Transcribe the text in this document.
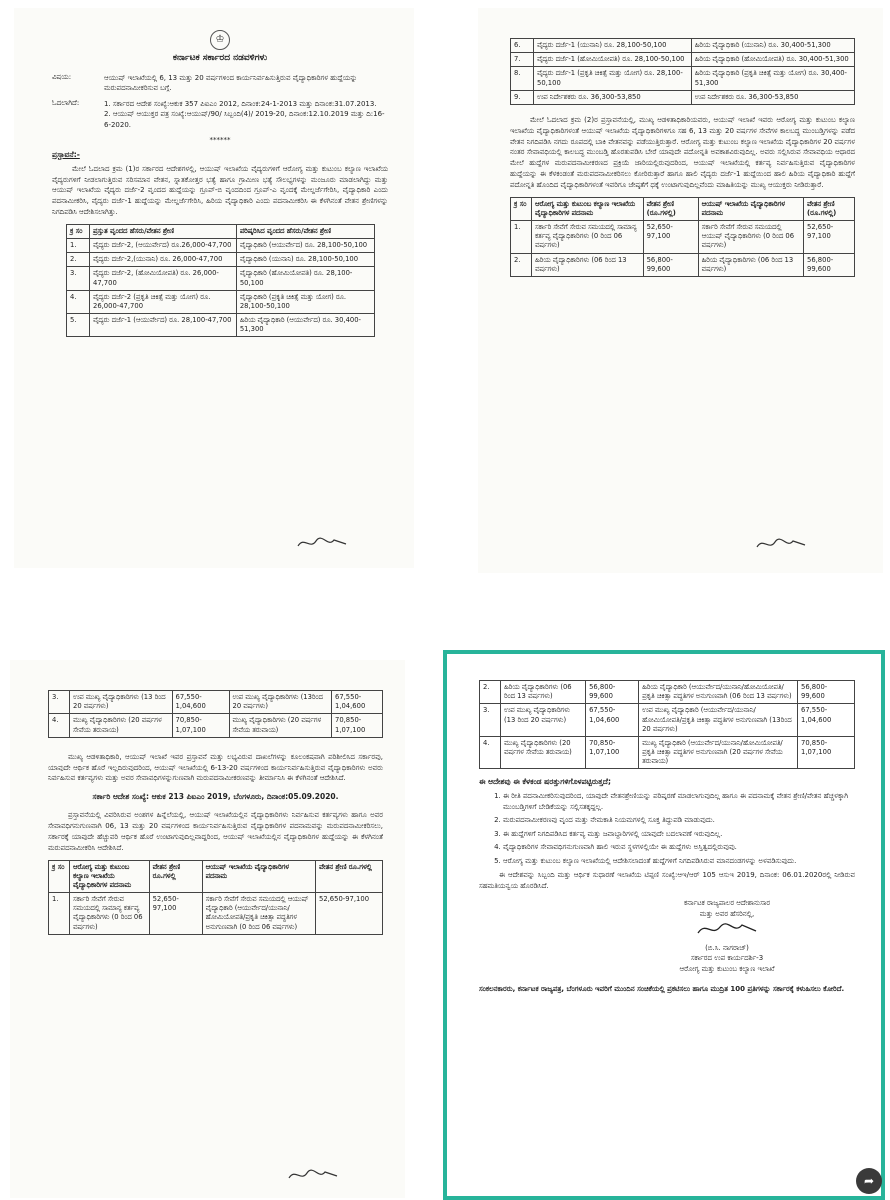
♔
ಕರ್ನಾಟಕ ಸರ್ಕಾರದ ನಡವಳಿಗಳು
ವಿಷಯ:	ಆಯುಷ್ ಇಲಾಖೆಯಲ್ಲಿ 6, 13 ಮತ್ತು 20 ವರ್ಷಗಳಿಂದ ಕಾರ್ಯನಿರ್ವಹಿಸುತ್ತಿರುವ ವೈದ್ಯಾಧಿಕಾರಿಗಳ ಹುದ್ದೆಯನ್ನು ಮರುಪದನಾಮೀಕರಿಸುವ ಬಗ್ಗೆ.
ಓದಲಾಗಿದೆ:	1. ಸರ್ಕಾರದ ಆದೇಶ ಸಂಖ್ಯೆ:ಆಕುಕ 357 ಪಿಐಎಂ 2012, ದಿನಾಂಕ:24-1-2013 ಮತ್ತು ದಿನಾಂಕ:31.07.2013.
2. ಆಯುಷ್ ಆಯುಕ್ತರ ಪತ್ರ ಸಂಖ್ಯೆ:ಆಯುಷ್/90/ ಸಿಬ್ಬಂದಿ(4)/ 2019-20, ದಿನಾಂಕ:12.10.2019 ಮತ್ತು ದಿ:16-6-2020.
******
ಪ್ರಸ್ತಾವನೆ:-
ಮೇಲೆ ಓದಲಾದ ಕ್ರಮ (1)ರ ಸರ್ಕಾರದ ಆದೇಶಗಳಲ್ಲಿ, ಆಯುಷ್ ಇಲಾಖೆಯ ವೈದ್ಯರುಗಳಿಗೆ ಆರೋಗ್ಯ ಮತ್ತು ಕುಟುಂಬ ಕಲ್ಯಾಣ ಇಲಾಖೆಯ ವೈದ್ಯರುಗಳಿಗೆ ನೀಡಲಾಗುತ್ತಿರುವ ಸರಿಸಮಾನ ವೇತನ, ಸ್ನಾತಕೋತ್ತರ ಭತ್ಯೆ ಹಾಗೂ ಗ್ರಾಮೀಣ ಭತ್ಯೆ ಸೌಲಭ್ಯಗಳನ್ನು ಮಂಜೂರು ಮಾಡಲಾಗಿದ್ದು ಮತ್ತು ಆಯುಷ್ ಇಲಾಖೆಯ ವೈದ್ಯರು ದರ್ಜೆ-2 ವೃಂದದ ಹುದ್ದೆಯನ್ನು ಗ್ರೂಪ್-ಬಿ ವೃಂದದಿಂದ ಗ್ರೂಪ್-ಎ ವೃಂದಕ್ಕೆ ಮೇಲ್ದರ್ಜೆಗೇರಿಸಿ, ವೈದ್ಯಾಧಿಕಾರಿ ಎಂದು ಪದನಾಮೀಕರಿಸಿ, ವೈದ್ಯರು ದರ್ಜೆ-1 ಹುದ್ದೆಯನ್ನು ಮೇಲ್ದರ್ಜೆಗೇರಿಸಿ, ಹಿರಿಯ ವೈದ್ಯಾಧಿಕಾರಿ ಎಂದು ಪದನಾಮೀಕರಿಸಿ ಈ ಕೆಳಗಿನಂತೆ ವೇತನ ಶ್ರೇಣಿಗಳನ್ನು ನಿಗದಿಪಡಿಸಿ ಆದೇಶಿಸಲಾಗಿತ್ತು.
ಕ್ರ ಸಂ	ಪ್ರಸ್ತುತ ವೃಂದದ ಹೆಸರು/ವೇತನ ಶ್ರೇಣಿ	ಪರಿಷ್ಕರಿಸಿದ ವೃಂದದ ಹೆಸರು/ವೇತನ ಶ್ರೇಣಿ
1.	ವೈದ್ಯರು ದರ್ಜೆ-2, (ಆಯುರ್ವೇದ) ರೂ.26,000-47,700	ವೈದ್ಯಾಧಿಕಾರಿ (ಆಯುರ್ವೇದ) ರೂ. 28,100-50,100
2.	ವೈದ್ಯರು ದರ್ಜೆ-2,(ಯುನಾನಿ) ರೂ. 26,000-47,700	ವೈದ್ಯಾಧಿಕಾರಿ (ಯುನಾನಿ) ರೂ. 28,100-50,100
3.	ವೈದ್ಯರು ದರ್ಜೆ-2, (ಹೋಮಿಯೋಪತಿ) ರೂ. 26,000-47,700	ವೈದ್ಯಾಧಿಕಾರಿ (ಹೋಮಿಯೋಪತಿ) ರೂ. 28,100-50,100
4.	ವೈದ್ಯರು ದರ್ಜೆ-2 (ಪ್ರಕೃತಿ ಚಿಕಿತ್ಸೆ ಮತ್ತು ಯೋಗ) ರೂ. 26,000-47,700	ವೈದ್ಯಾಧಿಕಾರಿ (ಪ್ರಕೃತಿ ಚಿಕಿತ್ಸೆ ಮತ್ತು ಯೋಗ) ರೂ. 28,100-50,100
5.	ವೈದ್ಯರು ದರ್ಜೆ-1 (ಆಯುರ್ವೇದ) ರೂ. 28,100-47,700	ಹಿರಿಯ ವೈದ್ಯಾಧಿಕಾರಿ (ಆಯುರ್ವೇದ) ರೂ. 30,400-51,300
6.	ವೈದ್ಯರು ದರ್ಜೆ-1 (ಯುನಾನಿ) ರೂ. 28,100-50,100	ಹಿರಿಯ ವೈದ್ಯಾಧಿಕಾರಿ (ಯುನಾನಿ) ರೂ. 30,400-51,300
7.	ವೈದ್ಯರು ದರ್ಜೆ-1 (ಹೋಮಿಯೋಪತಿ) ರೂ. 28,100-50,100	ಹಿರಿಯ ವೈದ್ಯಾಧಿಕಾರಿ (ಹೋಮಿಯೋಪತಿ) ರೂ. 30,400-51,300
8.	ವೈದ್ಯರು ದರ್ಜೆ-1 (ಪ್ರಕೃತಿ ಚಿಕಿತ್ಸೆ ಮತ್ತು ಯೋಗ) ರೂ. 28,100-50,100	ಹಿರಿಯ ವೈದ್ಯಾಧಿಕಾರಿ (ಪ್ರಕೃತಿ ಚಿಕಿತ್ಸೆ ಮತ್ತು ಯೋಗ) ರೂ. 30,400-51,300
9.	ಉಪ ನಿರ್ದೇಶಕರು ರೂ. 36,300-53,850	ಉಪ ನಿರ್ದೇಶಕರು ರೂ. 36,300-53,850
ಮೇಲೆ ಓದಲಾದ ಕ್ರಮ (2)ರ ಪ್ರಸ್ತಾವನೆಯಲ್ಲಿ, ಮುಖ್ಯ ಆಡಳಿತಾಧಿಕಾರಿಯವರು, ಆಯುಷ್ ಇಲಾಖೆ ಇವರು ಆರೋಗ್ಯ ಮತ್ತು ಕುಟುಂಬ ಕಲ್ಯಾಣ ಇಲಾಖೆಯ ವೈದ್ಯಾಧಿಕಾರಿಗಳಂತೆ ಆಯುಷ್ ಇಲಾಖೆಯ ವೈದ್ಯಾಧಿಕಾರಿಗಳಿಗೂ ಸಹ 6, 13 ಮತ್ತು 20 ವರ್ಷಗಳ ಸೇವೆಗಳ ಕಾಲಬದ್ಧ ಮುಂಬಡ್ತಿಗಳನ್ನು ಪಡೆದ ವೇತನ ನಿಗದಿಪಡಿಸಿ ನಗದು ರೂಪದಲ್ಲಿ ಬಾಕಿ ವೇತನವನ್ನು ಪಡೆಯುತ್ತಿರುತ್ತಾರೆ. ಆರೋಗ್ಯ ಮತ್ತು ಕುಟುಂಬ ಕಲ್ಯಾಣ ಇಲಾಖೆಯ ವೈದ್ಯಾಧಿಕಾರಿಗಳ 20 ವರ್ಷಗಳ ನಂತರ ಸೇವಾವಧಿಯಲ್ಲಿ ಕಾಲಬದ್ಧ ಮುಂಬಡ್ತಿ ಹೊರತುಪಡಿಸಿ ಬೇರೆ ಯಾವುದೇ ಪದೋನ್ನತಿ ಅವಕಾಶವಿರುವುದಿಲ್ಲ. ಅವರು ಸಲ್ಲಿಸಿರುವ ಸೇವಾವಧಿಯ ಆಧಾರದ ಮೇಲೆ ಹುದ್ದೆಗಳ ಮರುಪದನಾಮೀಕರಣದ ಪ್ರಕ್ರಿಯೆ ಜಾರಿಯಲ್ಲಿರುವುದರಿಂದ, ಆಯುಷ್ ಇಲಾಖೆಯಲ್ಲಿ ಕರ್ತವ್ಯ ನಿರ್ವಹಿಸುತ್ತಿರುವ ವೈದ್ಯಾಧಿಕಾರಿಗಳ ಹುದ್ದೆಯನ್ನು ಈ ಕೆಳಕಂಡಂತೆ ಮರುಪದನಾಮೀಕರಿಸಲು ಕೋರಿರುತ್ತಾರೆ ಹಾಗೂ ಹಾಲಿ ವೈದ್ಯರು ದರ್ಜೆ-1 ಹುದ್ದೆಯಿಂದ ಹಾಲಿ ಹಿರಿಯ ವೈದ್ಯಾಧಿಕಾರಿ ಹುದ್ದೆಗೆ ಪದೋನ್ನತಿ ಹೊಂದಿದ ವೈದ್ಯಾಧಿಕಾರಿಗಳಂತೆ ಇವರಿಗೂ ಜೇಷ್ಠತೆಗೆ ಧಕ್ಕೆ ಉಂಟಾಗುವುದಿಲ್ಲವೆಂದು ಮಾಹಿತಿಯನ್ನು ಮುಖ್ಯ ಆಯುಕ್ತರು ನೀಡಿರುತ್ತಾರೆ.
ಕ್ರ ಸಂ	ಆರೋಗ್ಯ ಮತ್ತು ಕುಟುಂಬ ಕಲ್ಯಾಣ ಇಲಾಖೆಯ ವೈದ್ಯಾಧಿಕಾರಿಗಳ ಪದನಾಮ	ವೇತನ ಶ್ರೇಣಿ (ರೂ.ಗಳಲ್ಲಿ)	ಆಯುಷ್ ಇಲಾಖೆಯ ವೈದ್ಯಾಧಿಕಾರಿಗಳ ಪದನಾಮ	ವೇತನ ಶ್ರೇಣಿ (ರೂ.ಗಳಲ್ಲಿ)
1.	ಸರ್ಕಾರಿ ಸೇವೆಗೆ ಸೇರುವ ಸಮಯದಲ್ಲಿ ಸಾಮಾನ್ಯ ಕರ್ತವ್ಯ ವೈದ್ಯಾಧಿಕಾರಿಗಳು (0 ರಿಂದ 06 ವರ್ಷಗಳು)	52,650-97,100	ಸರ್ಕಾರಿ ಸೇವೆಗೆ ಸೇರುವ ಸಮಯದಲ್ಲಿ ಆಯುಷ್ ವೈದ್ಯಾಧಿಕಾರಿಗಳು (0 ರಿಂದ 06 ವರ್ಷಗಳು)	52,650-97,100
2.	ಹಿರಿಯ ವೈದ್ಯಾಧಿಕಾರಿಗಳು (06 ರಿಂದ 13 ವರ್ಷಗಳು)	56,800-99,600	ಹಿರಿಯ ವೈದ್ಯಾಧಿಕಾರಿಗಳು (06 ರಿಂದ 13 ವರ್ಷಗಳು)	56,800-99,600
3.	ಉಪ ಮುಖ್ಯ ವೈದ್ಯಾಧಿಕಾರಿಗಳು (13 ರಿಂದ 20 ವರ್ಷಗಳು)	67,550-1,04,600	ಉಪ ಮುಖ್ಯ ವೈದ್ಯಾಧಿಕಾರಿಗಳು (13ರಿಂದ 20 ವರ್ಷಗಳು)	67,550-1,04,600
4.	ಮುಖ್ಯ ವೈದ್ಯಾಧಿಕಾರಿಗಳು (20 ವರ್ಷಗಳ ಸೇವೆಯ ತರುವಾಯ)	70,850-1,07,100	ಮುಖ್ಯ ವೈದ್ಯಾಧಿಕಾರಿಗಳು (20 ವರ್ಷಗಳ ಸೇವೆಯ ತರುವಾಯ)	70,850-1,07,100
ಮುಖ್ಯ ಆಡಳಿತಾಧಿಕಾರಿ, ಆಯುಷ್ ಇಲಾಖೆ ಇವರ ಪ್ರಸ್ತಾವನೆ ಮತ್ತು ಲಭ್ಯವಿರುವ ದಾಖಲೆಗಳನ್ನು ಕೂಲಂಕಷವಾಗಿ ಪರಿಶೀಲಿಸಿದ ಸರ್ಕಾರವು, ಯಾವುದೇ ಆರ್ಥಿಕ ಹೊರೆ ಇಲ್ಲದಿರುವುದರಿಂದ, ಆಯುಷ್ ಇಲಾಖೆಯಲ್ಲಿ 6-13-20 ವರ್ಷಗಳಿಂದ ಕಾರ್ಯನಿರ್ವಹಿಸುತ್ತಿರುವ ವೈದ್ಯಾಧಿಕಾರಿಗಳು ಅವರು ನಿರ್ವಹಿಸುವ ಕರ್ತವ್ಯಗಳು ಮತ್ತು ಅವರ ಸೇವಾವಧಿಗಳನ್ನುಗುಣವಾಗಿ ಮರುಪದನಾಮೀಕರಣವನ್ನು ತೀರ್ಮಾನಿಸಿ ಈ ಕೆಳಗಿನಂತೆ ಆದೇಶಿಸಿದೆ.
ಸರ್ಕಾರಿ ಆದೇಶ ಸಂಖ್ಯೆ: ಆಕುಕ 213 ಪಿಐಎಂ 2019, ಬೆಂಗಳೂರು, ದಿನಾಂಕ:05.09.2020.
ಪ್ರಸ್ತಾವನೆಯಲ್ಲಿ ವಿವರಿಸಿರುವ ಅಂಶಗಳ ಹಿನ್ನೆಲೆಯಲ್ಲಿ, ಆಯುಷ್ ಇಲಾಖೆಯಲ್ಲಿನ ವೈದ್ಯಾಧಿಕಾರಿಗಳು ನಿರ್ವಹಿಸುವ ಕರ್ತವ್ಯಗಳು ಹಾಗೂ ಅವರ ಸೇವಾವಧಿಗನುಗುಣವಾಗಿ 06, 13 ಮತ್ತು 20 ವರ್ಷಗಳಿಂದ ಕಾರ್ಯನಿರ್ವಹಿಸುತ್ತಿರುವ ವೈದ್ಯಾಧಿಕಾರಿಗಳ ಪದನಾಮವನ್ನು ಮರುಪದನಾಮೀಕರಿಸಲು, ಸರ್ಕಾರಕ್ಕೆ ಯಾವುದೇ ಹೆಚ್ಚುವರಿ ಆರ್ಥಿಕ ಹೊರೆ ಉಂಟಾಗುವುದಿಲ್ಲವಾದ್ದರಿಂದ, ಆಯುಷ್ ಇಲಾಖೆಯಲ್ಲಿನ ವೈದ್ಯಾಧಿಕಾರಿಗಳ ಹುದ್ದೆಯನ್ನು ಈ ಕೆಳಗಿನಂತೆ ಮರುಪದನಾಮೀಕರಿಸಿ ಆದೇಶಿಸಿದೆ.
ಕ್ರ ಸಂ	ಆರೋಗ್ಯ ಮತ್ತು ಕುಟುಂಬ ಕಲ್ಯಾಣ ಇಲಾಖೆಯ ವೈದ್ಯಾಧಿಕಾರಿಗಳ ಪದನಾಮ	ವೇತನ ಶ್ರೇಣಿ ರೂ.ಗಳಲ್ಲಿ	ಆಯುಷ್ ಇಲಾಖೆಯ ವೈದ್ಯಾಧಿಕಾರಿಗಳ ಪದನಾಮ	ವೇತನ ಶ್ರೇಣಿ ರೂ.ಗಳಲ್ಲಿ
1.	ಸರ್ಕಾರಿ ಸೇವೆಗೆ ಸೇರುವ ಸಮಯದಲ್ಲಿ ಸಾಮಾನ್ಯ ಕರ್ತವ್ಯ ವೈದ್ಯಾಧಿಕಾರಿಗಳು (0 ರಿಂದ 06 ವರ್ಷಗಳು)	52,650-97,100	ಸರ್ಕಾರಿ ಸೇವೆಗೆ ಸೇರುವ ಸಮಯದಲ್ಲಿ ಆಯುಷ್ ವೈದ್ಯಾಧಿಕಾರಿ (ಆಯುರ್ವೇದ/ಯುನಾನಿ/ಹೋಮಿಯೋಪತಿ/ಪ್ರಕೃತಿ ಚಿಕಿತ್ಸಾ ಪದ್ಧತಿಗಳ ಅನುಗುಣವಾಗಿ (0 ರಿಂದ 06 ವರ್ಷಗಳು)	52,650-97,100
2.	ಹಿರಿಯ ವೈದ್ಯಾಧಿಕಾರಿಗಳು (06 ರಿಂದ 13 ವರ್ಷಗಳು)	56,800-99,600	ಹಿರಿಯ ವೈದ್ಯಾಧಿಕಾರಿ (ಆಯುರ್ವೇದ/ಯುನಾನಿ/ಹೋಮಿಯೋಪತಿ/ಪ್ರಕೃತಿ ಚಿಕಿತ್ಸಾ ಪದ್ಧತಿಗಳ ಅನುಗುಣವಾಗಿ (06 ರಿಂದ 13 ವರ್ಷಗಳು)	56,800-99,600
3.	ಉಪ ಮುಖ್ಯ ವೈದ್ಯಾಧಿಕಾರಿಗಳು (13 ರಿಂದ 20 ವರ್ಷಗಳು)	67,550-1,04,600	ಉಪ ಮುಖ್ಯ ವೈದ್ಯಾಧಿಕಾರಿ (ಆಯುರ್ವೇದ/ಯುನಾನಿ/ಹೋಮಿಯೋಪತಿ/ಪ್ರಕೃತಿ ಚಿಕಿತ್ಸಾ ಪದ್ಧತಿಗಳ ಅನುಗುಣವಾಗಿ (13ರಿಂದ 20 ವರ್ಷಗಳು)	67,550-1,04,600
4.	ಮುಖ್ಯ ವೈದ್ಯಾಧಿಕಾರಿಗಳು (20 ವರ್ಷಗಳ ಸೇವೆಯ ತರುವಾಯ)	70,850-1,07,100	ಮುಖ್ಯ ವೈದ್ಯಾಧಿಕಾರಿ (ಆಯುರ್ವೇದ/ಯುನಾನಿ/ಹೋಮಿಯೋಪತಿ/ಪ್ರಕೃತಿ ಚಿಕಿತ್ಸಾ ಪದ್ಧತಿಗಳ ಅನುಗುಣವಾಗಿ (20 ವರ್ಷಗಳ ಸೇವೆಯ ತರುವಾಯ)	70,850-1,07,100
ಈ ಆದೇಶವು ಈ ಕೆಳಕಂಡ ಷರತ್ತುಗಳಿಗೊಳಪಟ್ಟಿರುತ್ತದೆ;
1. ಈ ರೀತಿ ಪದನಾಮೀಕರಿಸುವುದರಿಂದ, ಯಾವುದೇ ವೇತನಶ್ರೇಣಿಯನ್ನು ಪರಿಷ್ಕರಣೆ ಮಾಡಲಾಗುವುದಿಲ್ಲ ಹಾಗೂ ಈ ಪದನಾಮಕ್ಕೆ ವೇತನ ಶ್ರೇಣಿ/ವೇತನ ಹೆಚ್ಚಳಕ್ಕಾಗಿ ಮುಂಬಡ್ತಿಗಳಿಗೆ ಬೇಡಿಕೆಯನ್ನು ಸಲ್ಲಿಸತಕ್ಕದ್ದಲ್ಲ.
2. ಮರುಪದನಾಮೀಕರಣವು ವೃಂದ ಮತ್ತು ನೇಮಕಾತಿ ನಿಯಮಗಳಲ್ಲಿ ಸೂಕ್ತ ತಿದ್ದುಪಡಿ ಮಾಡುವುದು.
3. ಈ ಹುದ್ದೆಗಳಿಗೆ ನಿಗದಿಪಡಿಸಿದ ಕರ್ತವ್ಯ ಮತ್ತು ಜವಾಬ್ದಾರಿಗಳಲ್ಲಿ ಯಾವುದೇ ಬದಲಾವಣೆ ಇರುವುದಿಲ್ಲ.
4. ವೈದ್ಯಾಧಿಕಾರಿಗಳ ಸೇವಾವಧಿಗನುಗುಣವಾಗಿ ಹಾಲಿ ಇರುವ ಸ್ಥಳಗಳಲ್ಲಿಯೇ ಈ ಹುದ್ದೆಗಳು ಅಸ್ತಿತ್ವದಲ್ಲಿರುವುವು.
5. ಆರೋಗ್ಯ ಮತ್ತು ಕುಟುಂಬ ಕಲ್ಯಾಣ ಇಲಾಖೆಯಲ್ಲಿ ಆದೇಶಿಸಲಾದಂತೆ ಹುದ್ದೆಗಳಿಗೆ ನಿಗದಿಪಡಿಸಿರುವ ಮಾನದಂಡಗಳನ್ನು ಅಳವಡಿಸುವುದು.
ಈ ಆದೇಶವನ್ನು ಸಿಬ್ಬಂದಿ ಮತ್ತು ಆರ್ಥಿಕ ಸುಧಾರಣೆ ಇಲಾಖೆಯ ಟಿಪ್ಪಣಿ ಸಂಖ್ಯೆ:ಆಇ/ಆರ್ 105 ಆಸುಇ 2019, ದಿನಾಂಕ: 06.01.2020ರಲ್ಲಿ ನೀಡಿರುವ ಸಹಮತಿಯನ್ವಯ ಹೊರಡಿಸಿದೆ.
ಕರ್ನಾಟಕ ರಾಜ್ಯಪಾಲರ ಆದೇಶಾನುಸಾರ
ಮತ್ತು ಅವರ ಹೆಸರಿನಲ್ಲಿ,
(ಬಿ.ಸಿ. ನಾಗರಾಜ್)
ಸರ್ಕಾರದ ಉಪ ಕಾರ್ಯದರ್ಶಿ-3
ಆರೋಗ್ಯ ಮತ್ತು ಕುಟುಂಬ ಕಲ್ಯಾಣ ಇಲಾಖೆ
ಸಂಕಲನಕಾರರು, ಕರ್ನಾಟಕ ರಾಜ್ಯಪತ್ರ, ಬೆಂಗಳೂರು ಇವರಿಗೆ ಮುಂದಿನ ಸಂಚಿಕೆಯಲ್ಲಿ ಪ್ರಕಟಿಸಲು ಹಾಗೂ ಮುದ್ರಿತ 100 ಪ್ರತಿಗಳನ್ನು ಸರ್ಕಾರಕ್ಕೆ ಕಳುಹಿಸಲು ಕೋರಿದೆ.
➦
